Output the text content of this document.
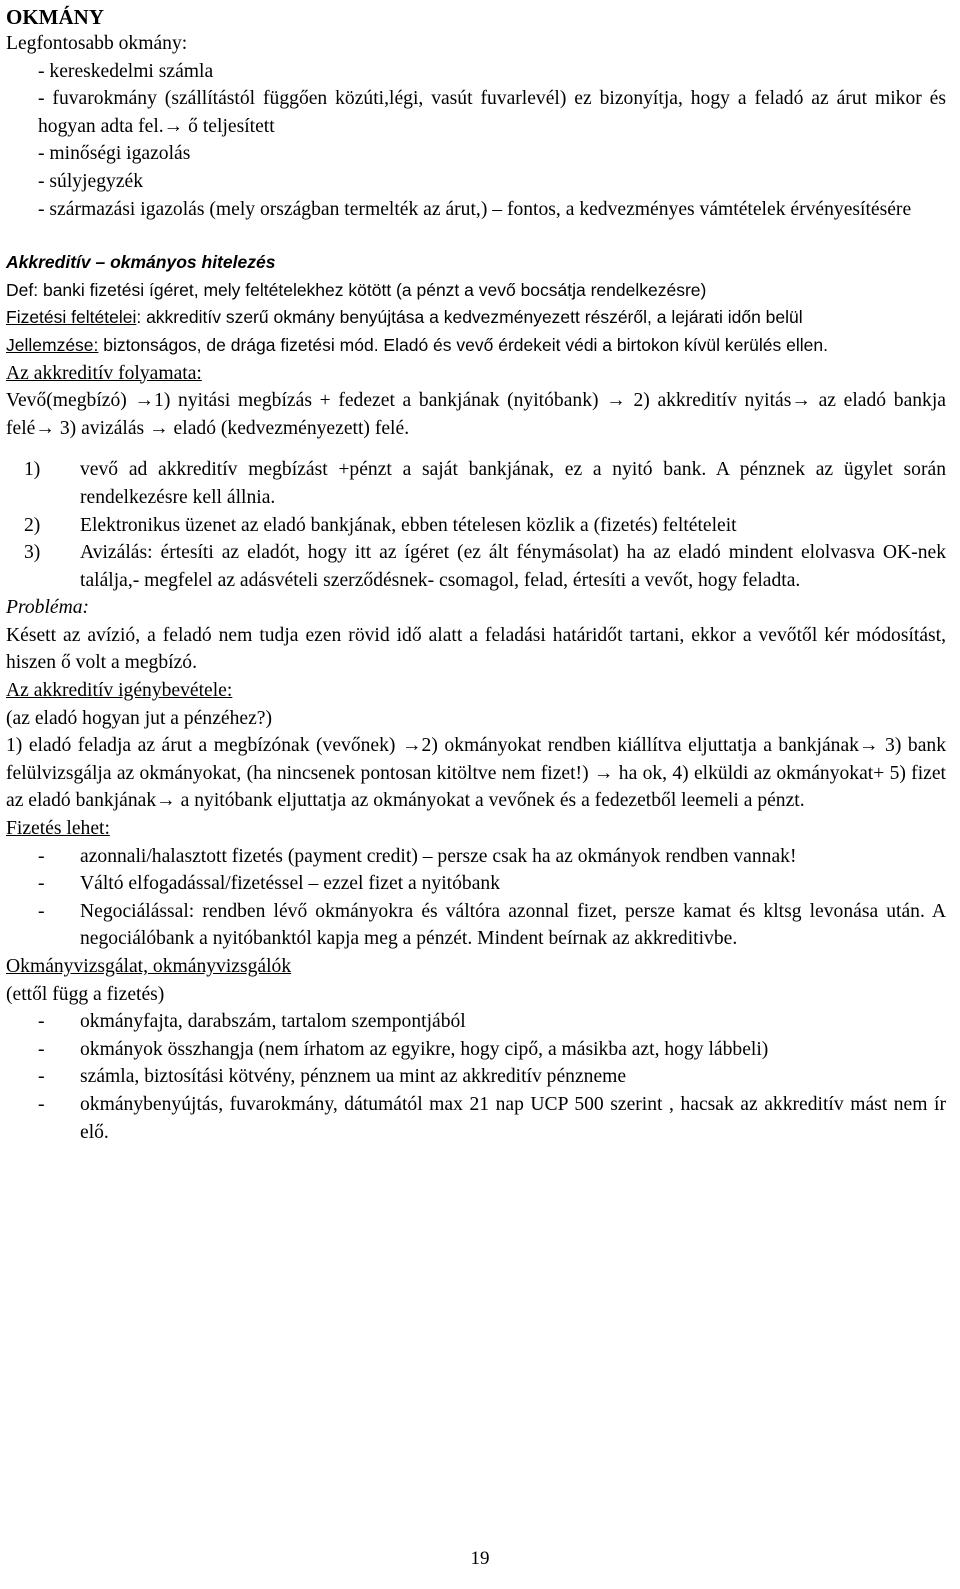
OKMÁNY

Legfontosabb okmány:

- kereskedelmi számla
- fuvarokmány (szállítástól függően közúti,légi, vasút fuvarlevél) ez bizonyítja, hogy a feladó az árut mikor és hogyan adta fel.→ ő teljesített
- minőségi igazolás
- súlyjegyzék
- származási igazolás (mely országban termelték az árut,) – fontos, a kedvezményes vámtételek érvényesítésére

Akkreditív – okmányos hitelezés

Def: banki fizetési ígéret, mely feltételekhez kötött (a pénzt a vevő bocsátja rendelkezésre)

Fizetési feltételei: akkreditív szerű okmány benyújtása a kedvezményezett részéről, a lejárati időn belül

Jellemzése: biztonságos, de drága fizetési mód. Eladó és vevő érdekeit védi a birtokon kívül kerülés ellen.

Az akkreditív folyamata:

Vevő(megbízó) →1) nyitási megbízás + fedezet a bankjának (nyitóbank) → 2) akkreditív nyitás→ az eladó bankja felé→ 3) avizálás → eladó (kedvezményezett) felé.

1) vevő ad akkreditív megbízást +pénzt a saját bankjának, ez a nyitó bank. A pénznek az ügylet során rendelkezésre kell állnia.
2) Elektronikus üzenet az eladó bankjának, ebben tételesen közlik a (fizetés) feltételeit
3) Avizálás: értesíti az eladót, hogy itt az ígéret (ez ált fénymásolat) ha az eladó mindent elolvasva OK-nek találja,- megfelel az adásvételi szerződésnek- csomagol, felad, értesíti a vevőt, hogy feladta.

Probléma:

Késett az avízió, a feladó nem tudja ezen rövid idő alatt a feladási határidőt tartani, ekkor a vevőtől kér módosítást, hiszen ő volt a megbízó.

Az akkreditív igénybevétele:

(az eladó hogyan jut a pénzéhez?)

1) eladó feladja az árut a megbízónak (vevőnek) →2) okmányokat rendben kiállítva eljuttatja a bankjának→ 3) bank felülvizsgálja az okmányokat, (ha nincsenek pontosan kitöltve nem fizet!) → ha ok, 4) elküldi az okmányokat+ 5) fizet az eladó bankjának→ a nyitóbank eljuttatja az okmányokat a vevőnek és a fedezetből leemeli a pénzt.

Fizetés lehet:

- azonnali/halasztott fizetés (payment credit) – persze csak ha az okmányok rendben vannak!
- Váltó elfogadással/fizetéssel – ezzel fizet a nyitóbank
- Negociálással: rendben lévő okmányokra és váltóra azonnal fizet, persze kamat és kltsg levonása után. A negociálóbank a nyitóbanktól kapja meg a pénzét. Mindent beírnak az akkreditivbe.

Okmányvizsgálat, okmányvizsgálók

(ettől függ a fizetés)

- okmányfajta, darabszám, tartalom szempontjából
- okmányok összhangja (nem írhatom az egyikre, hogy cipő, a másikba azt, hogy lábbeli)
- számla, biztosítási kötvény, pénznem ua mint az akkreditív pénzneme
- okmánybenyújtás, fuvarokmány, dátumától max 21 nap UCP 500 szerint , hacsak az akkreditív mást nem ír elő.
19
